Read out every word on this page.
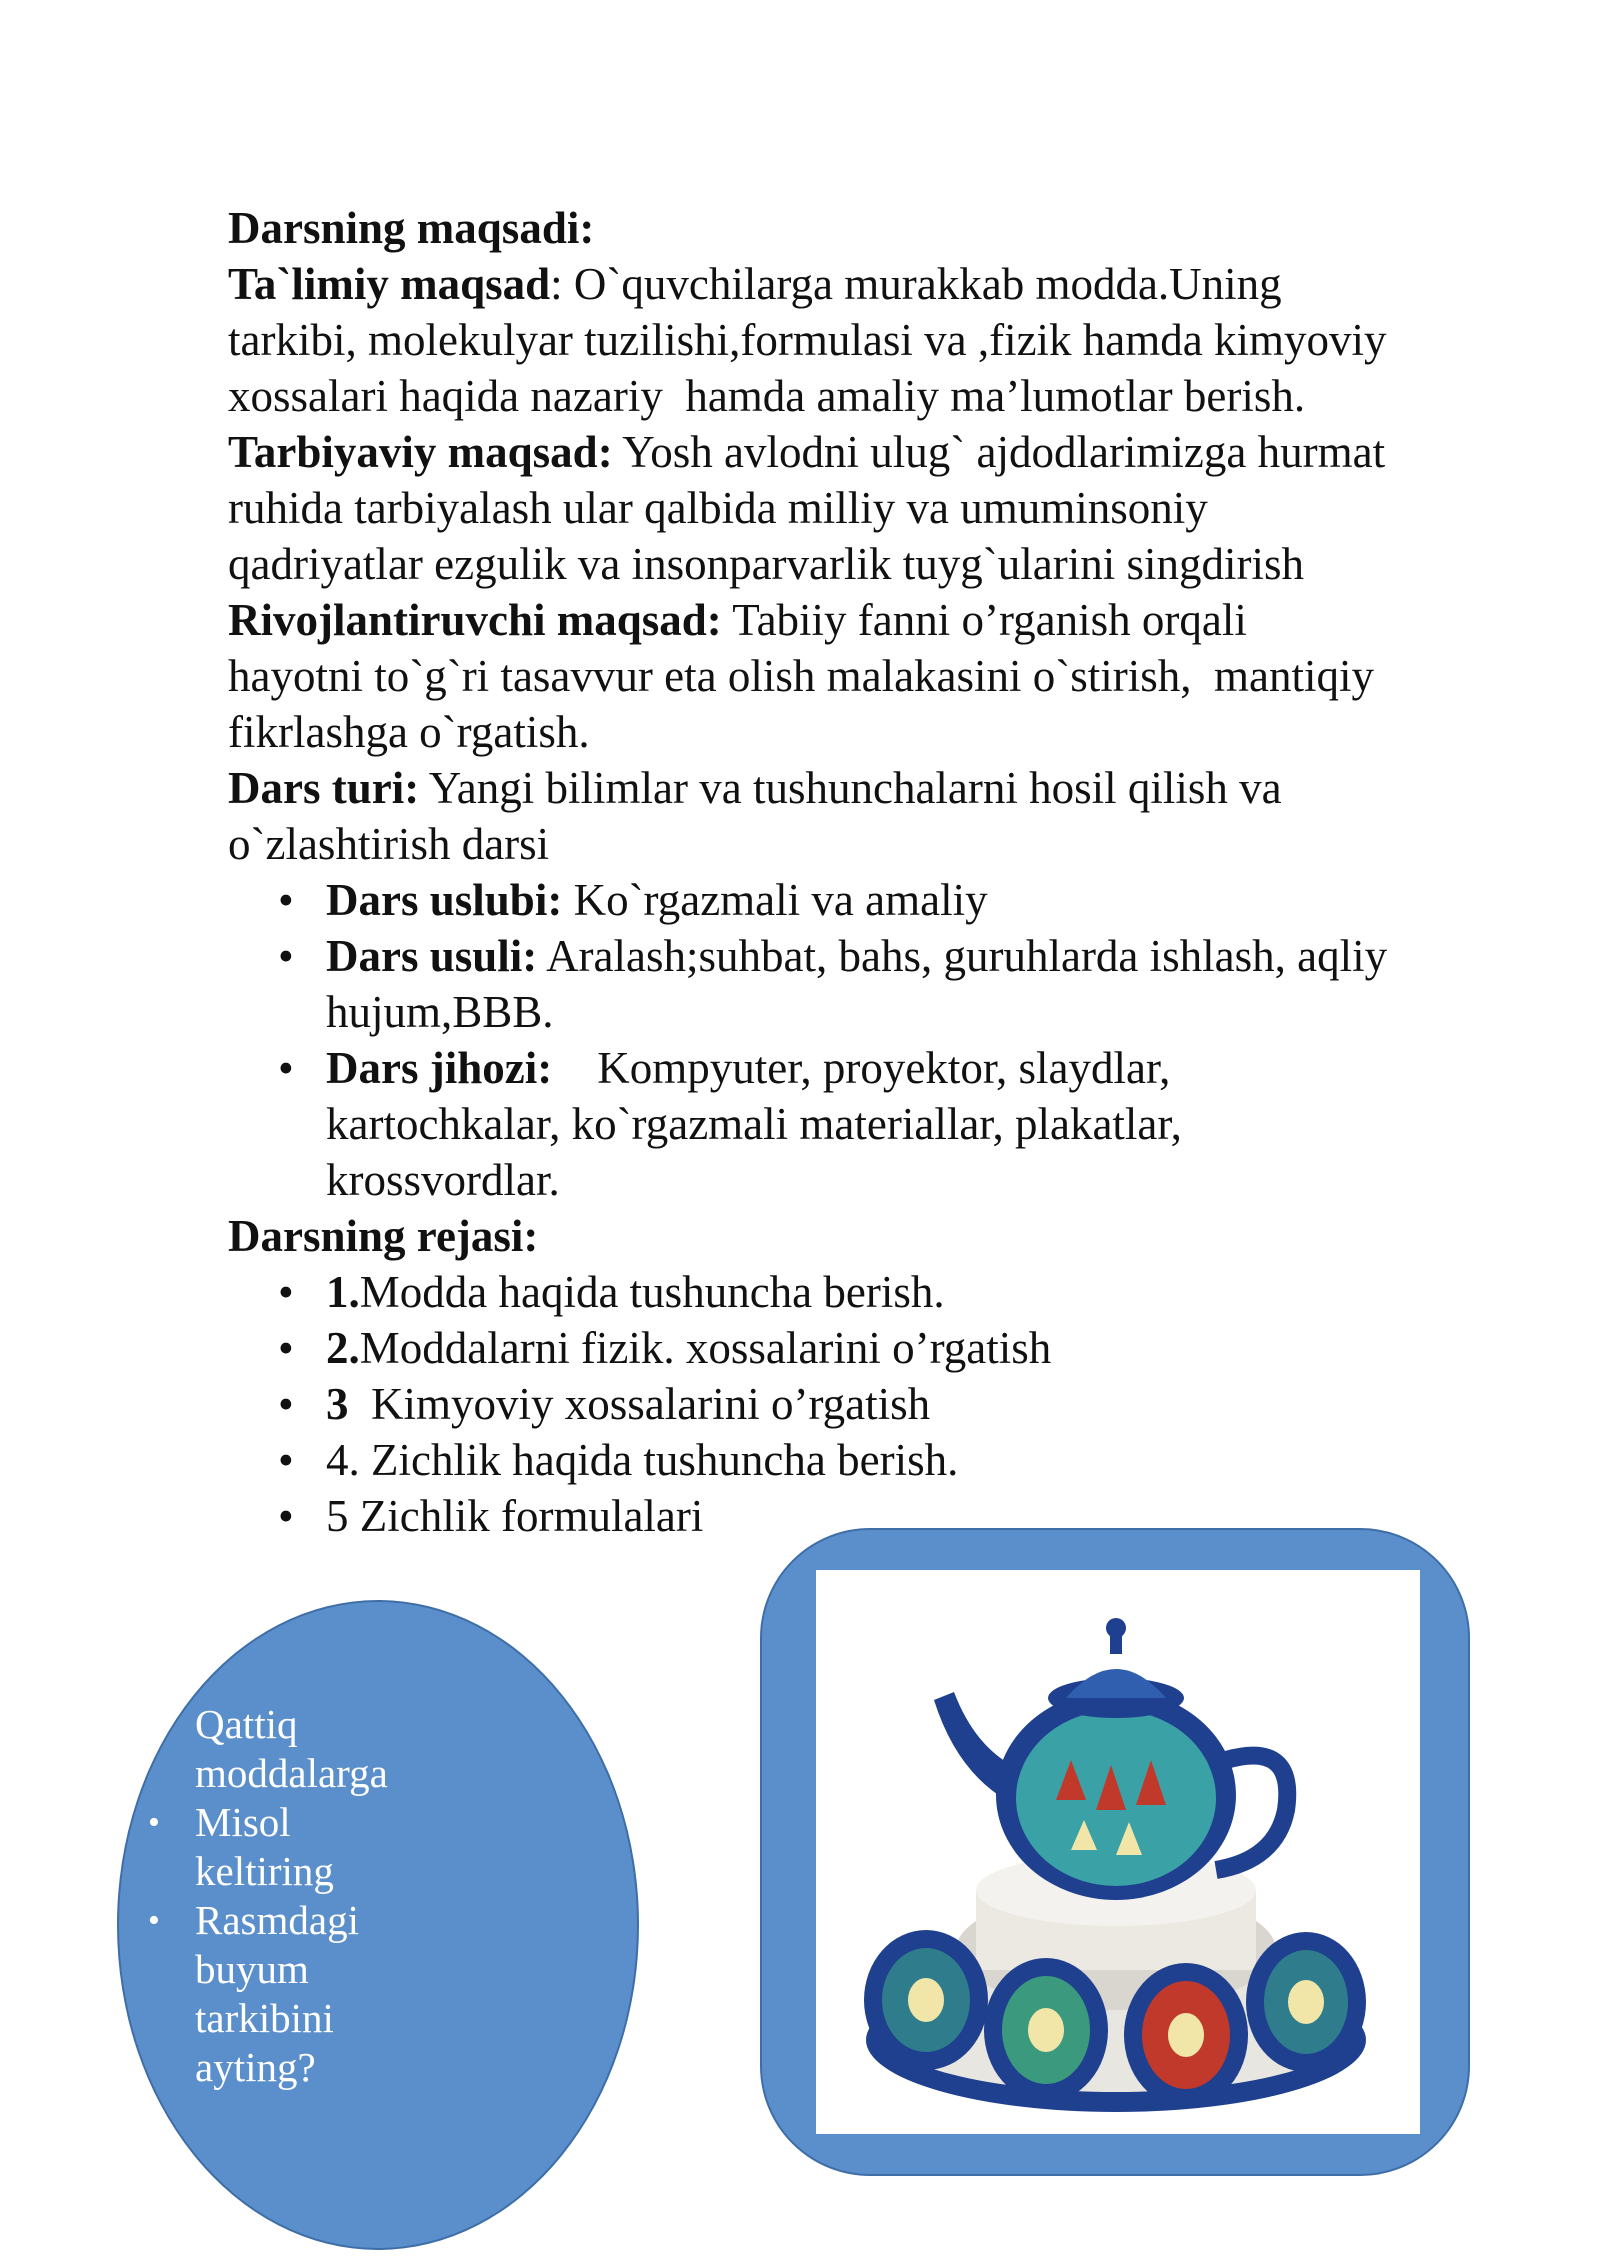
Darsning maqsadi:
Ta`limiy maqsad: O`quvchilarga murakkab modda.Uning
tarkibi, molekulyar tuzilishi,formulasi va ,fizik hamda kimyoviy
xossalari haqida nazariy  hamda amaliy ma’lumotlar berish.
Tarbiyaviy maqsad: Yosh avlodni ulug` ajdodlarimizga hurmat
ruhida tarbiyalash ular qalbida milliy va umuminsoniy
qadriyatlar ezgulik va insonparvarlik tuyg`ularini singdirish
Rivojlantiruvchi maqsad: Tabiiy fanni o’rganish orqali
hayotni to`g`ri tasavvur eta olish malakasini o`stirish,  mantiqiy
fikrlashga o`rgatish.
Dars turi: Yangi bilimlar va tushunchalarni hosil qilish va
o`zlashtirish darsi
• Dars uslubi: Ko`rgazmali va amaliy
• Dars usuli: Aralash;suhbat, bahs, guruhlarda ishlash, aqliy
hujum,BBB.
• Dars jihozi:    Kompyuter, proyektor, slaydlar,
kartochkalar, ko`rgazmali materiallar, plakatlar,
krossvordlar.
Darsning rejasi:
• 1.Modda haqida tushuncha berish.
• 2.Moddalarni fizik. xossalarini o’rgatish
• 3  Kimyoviy xossalarini o’rgatish
• 4. Zichlik haqida tushuncha berish.
• 5 Zichlik formulalari
• Qattiq
moddalarga
• Misol
keltiring
• Rasmdagi
buyum
tarkibini
ayting?
